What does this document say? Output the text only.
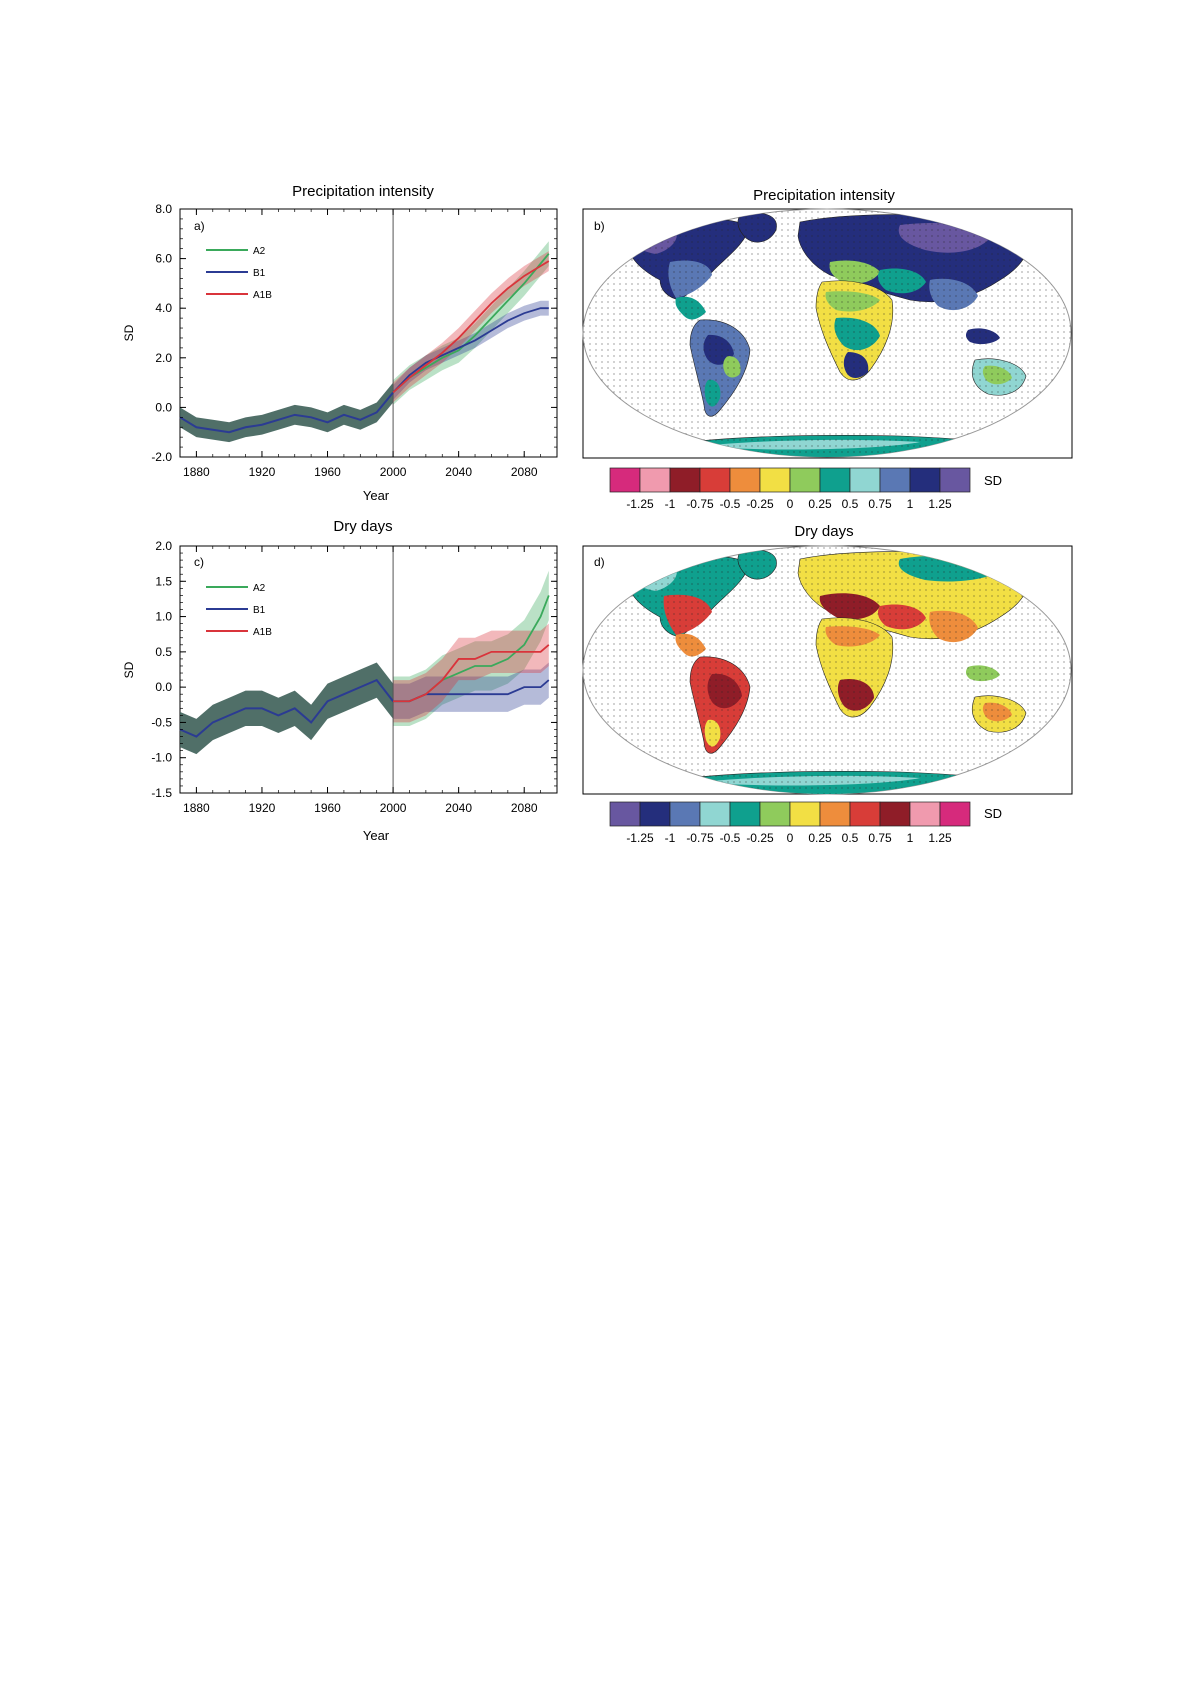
Precipitation intensity
8.0
6.0
4.0
2.0
0.0
-2.0
1880	1920	1960	2000	2040	2080
a)
A2
B1
A1B
SD
Year
Precipitation intensity
b)
-1.25 -1 -0.75 -0.5 -0.25 0 0.25 0.5 0.75 1 1.25
SD
Dry days
2.0
1.5
1.0
0.5
0.0
-0.5
-1.0
-1.5
1880	1920	1960	2000	2040	2080
c)
A2
B1
A1B
SD
Year
Dry days
d)
-1.25 -1 -0.75 -0.5 -0.25 0 0.25 0.5 0.75 1 1.25
SD
